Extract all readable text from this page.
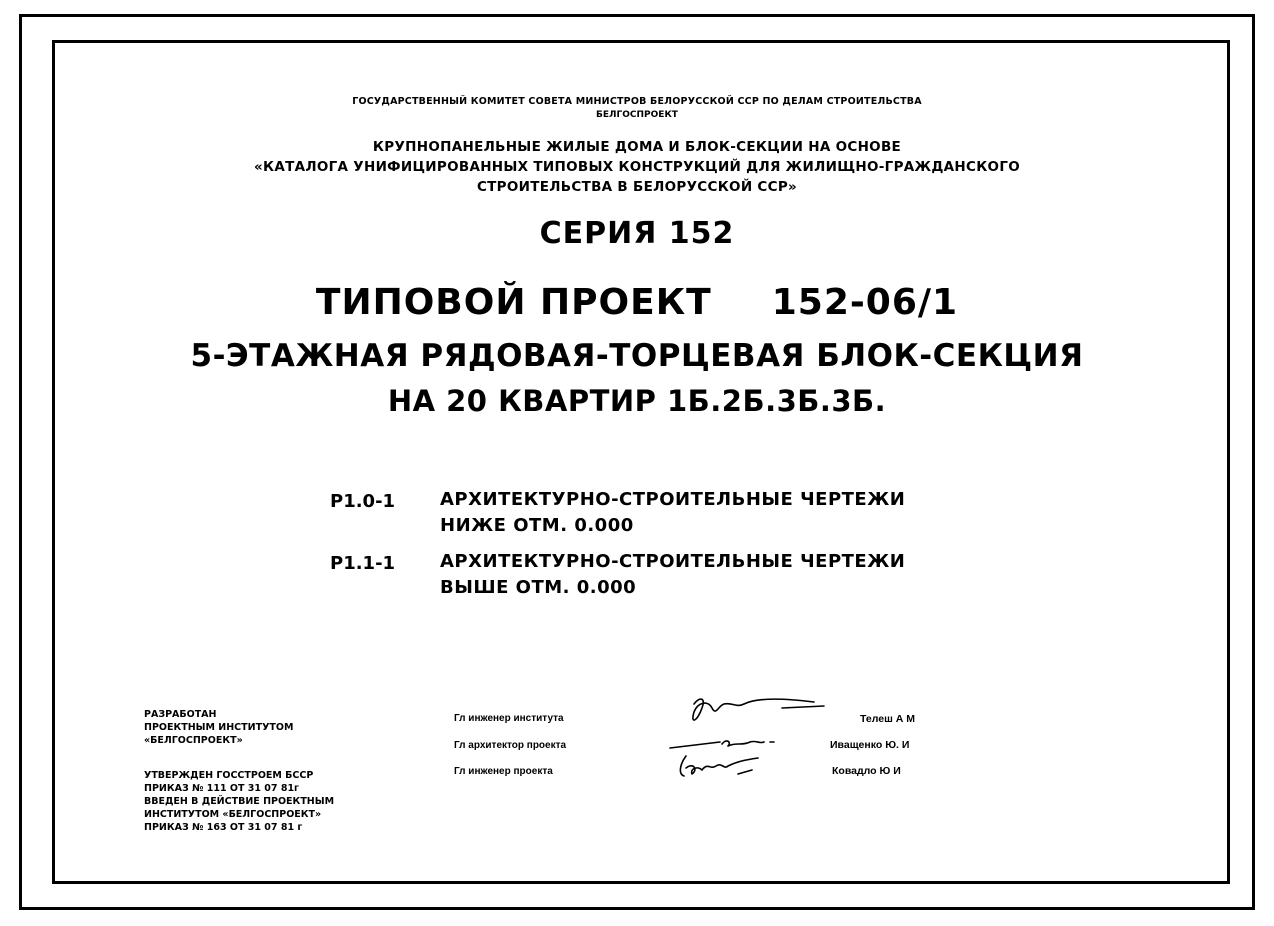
ГОСУДАРСТВЕННЫЙ КОМИТЕТ СОВЕТА МИНИСТРОВ БЕЛОРУССКОЙ ССР ПО ДЕЛАМ СТРОИТЕЛЬСТВА
БЕЛГОСПРОЕКТ
КРУПНОПАНЕЛЬНЫЕ ЖИЛЫЕ ДОМА И БЛОК-СЕКЦИИ НА ОСНОВЕ
«КАТАЛОГА УНИФИЦИРОВАННЫХ ТИПОВЫХ КОНСТРУКЦИЙ ДЛЯ ЖИЛИЩНО-ГРАЖДАНСКОГО
СТРОИТЕЛЬСТВА В БЕЛОРУССКОЙ ССР»
СЕРИЯ 152
ТИПОВОЙ ПРОЕКТ 152-06/1
5-ЭТАЖНАЯ РЯДОВАЯ-ТОРЦЕВАЯ БЛОК-СЕКЦИЯ
НА 20 КВАРТИР 1Б.2Б.3Б.3Б.
Р1.0-1 АРХИТЕКТУРНО-СТРОИТЕЛЬНЫЕ ЧЕРТЕЖИ
НИЖЕ ОТМ. 0.000
Р1.1-1 АРХИТЕКТУРНО-СТРОИТЕЛЬНЫЕ ЧЕРТЕЖИ
ВЫШЕ ОТМ. 0.000
РАЗРАБОТАН
ПРОЕКТНЫМ ИНСТИТУТОМ
«БЕЛГОСПРОЕКТ»
УТВЕРЖДЕН ГОССТРОЕМ БССР
ПРИКАЗ № 111 ОТ 31 07 81г
ВВЕДЕН В ДЕЙСТВИЕ ПРОЕКТНЫМ
ИНСТИТУТОМ «БЕЛГОСПРОЕКТ»
ПРИКАЗ № 163 ОТ 31 07 81 г
Гл инженер института
Гл архитектор проекта
Гл инженер проекта
Телеш А М
Иващенко Ю. И
Ковадло Ю И
